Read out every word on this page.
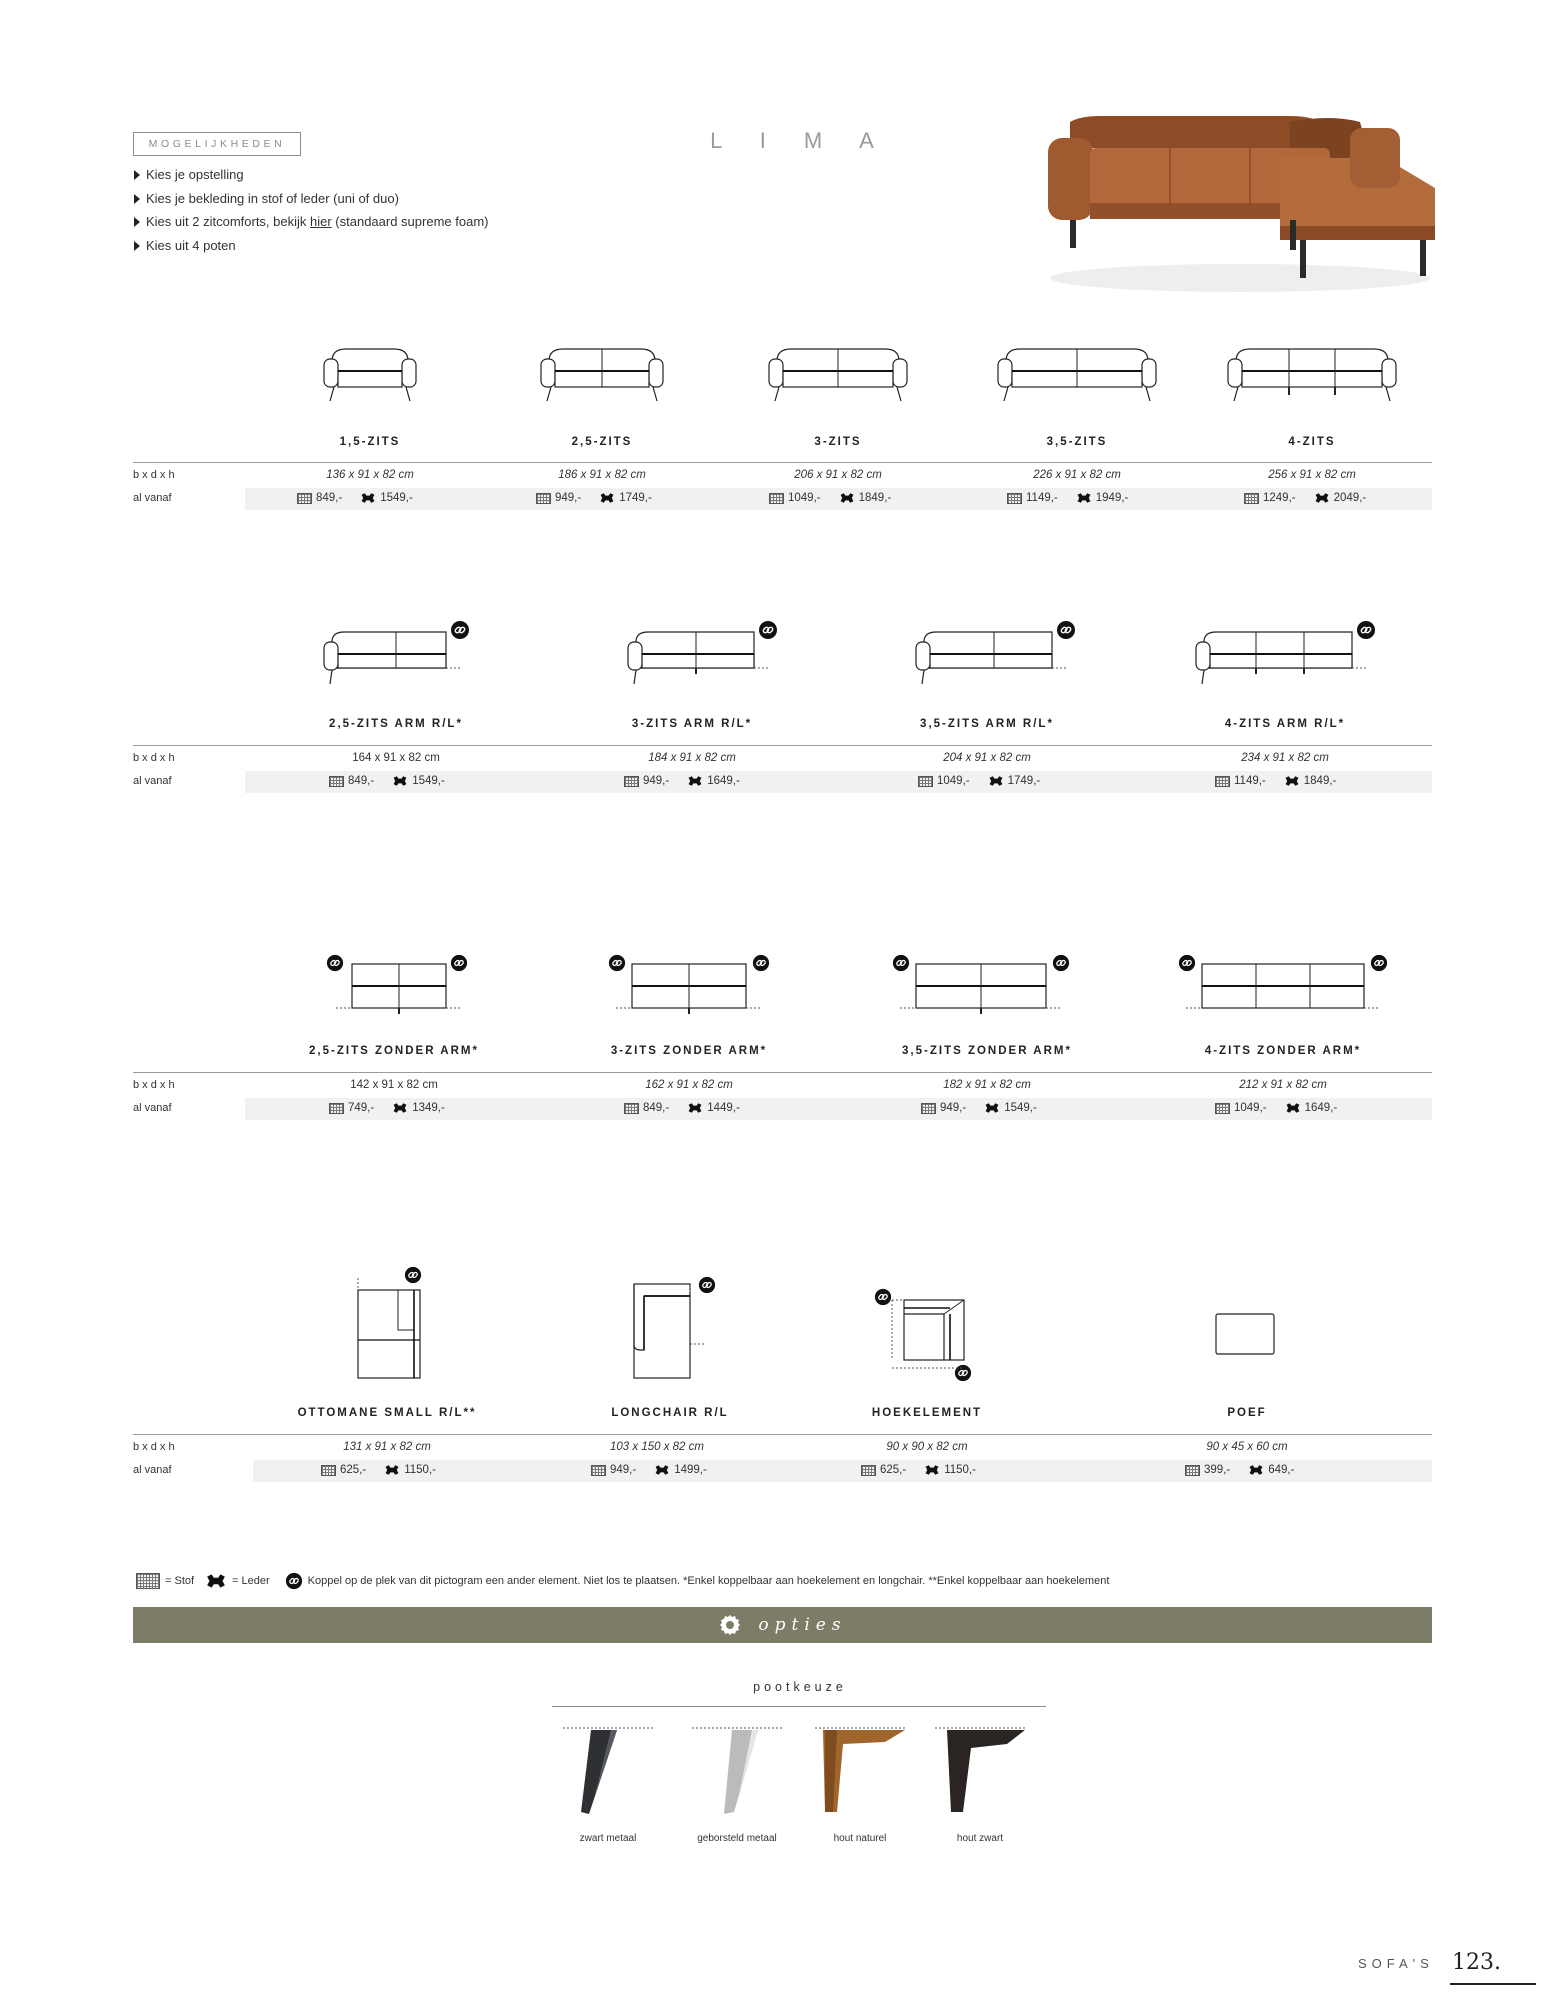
MOGELIJKHEDEN
Kies je opstelling
Kies je bekleding in stof of leder (uni of duo)
Kies uit 2 zitcomforts, bekijk hier (standaard supreme foam)
Kies uit 4 poten
L I M A
1,5-ZITS	2,5-ZITS	3-ZITS	3,5-ZITS	4-ZITS
b x d x h
al vanaf
136 x 91 x 82 cm	186 x 91 x 82 cm	206 x 91 x 82 cm	226 x 91 x 82 cm	256 x 91 x 82 cm
849,-	1549,-	949,-	1749,-	1049,-	1849,-	1149,-	1949,-	1249,-	2049,-
2,5-ZITS ARM R/L*	3-ZITS ARM R/L*	3,5-ZITS ARM R/L*	4-ZITS ARM R/L*
b x d x h
al vanaf
164 x 91 x 82 cm	184 x 91 x 82 cm	204 x 91 x 82 cm	234 x 91 x 82 cm
849,-	1549,-	949,-	1649,-	1049,-	1749,-	1149,-	1849,-
2,5-ZITS ZONDER ARM*	3-ZITS ZONDER ARM*	3,5-ZITS ZONDER ARM*	4-ZITS ZONDER ARM*
b x d x h
al vanaf
142 x 91 x 82 cm	162 x 91 x 82 cm	182 x 91 x 82 cm	212 x 91 x 82 cm
749,-	1349,-	849,-	1449,-	949,-	1549,-	1049,-	1649,-
OTTOMANE SMALL R/L**	LONGCHAIR R/L	HOEKELEMENT	POEF
b x d x h
al vanaf
131 x 91 x 82 cm	103 x 150 x 82 cm	90 x 90 x 82 cm	90 x 45 x 60 cm
625,-	1150,-	949,-	1499,-	625,-	1150,-	399,-	649,-
= Stof	= Leder	Koppel op de plek van dit pictogram een ander element. Niet los te plaatsen. *Enkel koppelbaar aan hoekelement en longchair. **Enkel koppelbaar aan hoekelement
opties
pootkeuze
zwart metaal	geborsteld metaal	hout naturel	hout zwart
SOFA'S 123.
